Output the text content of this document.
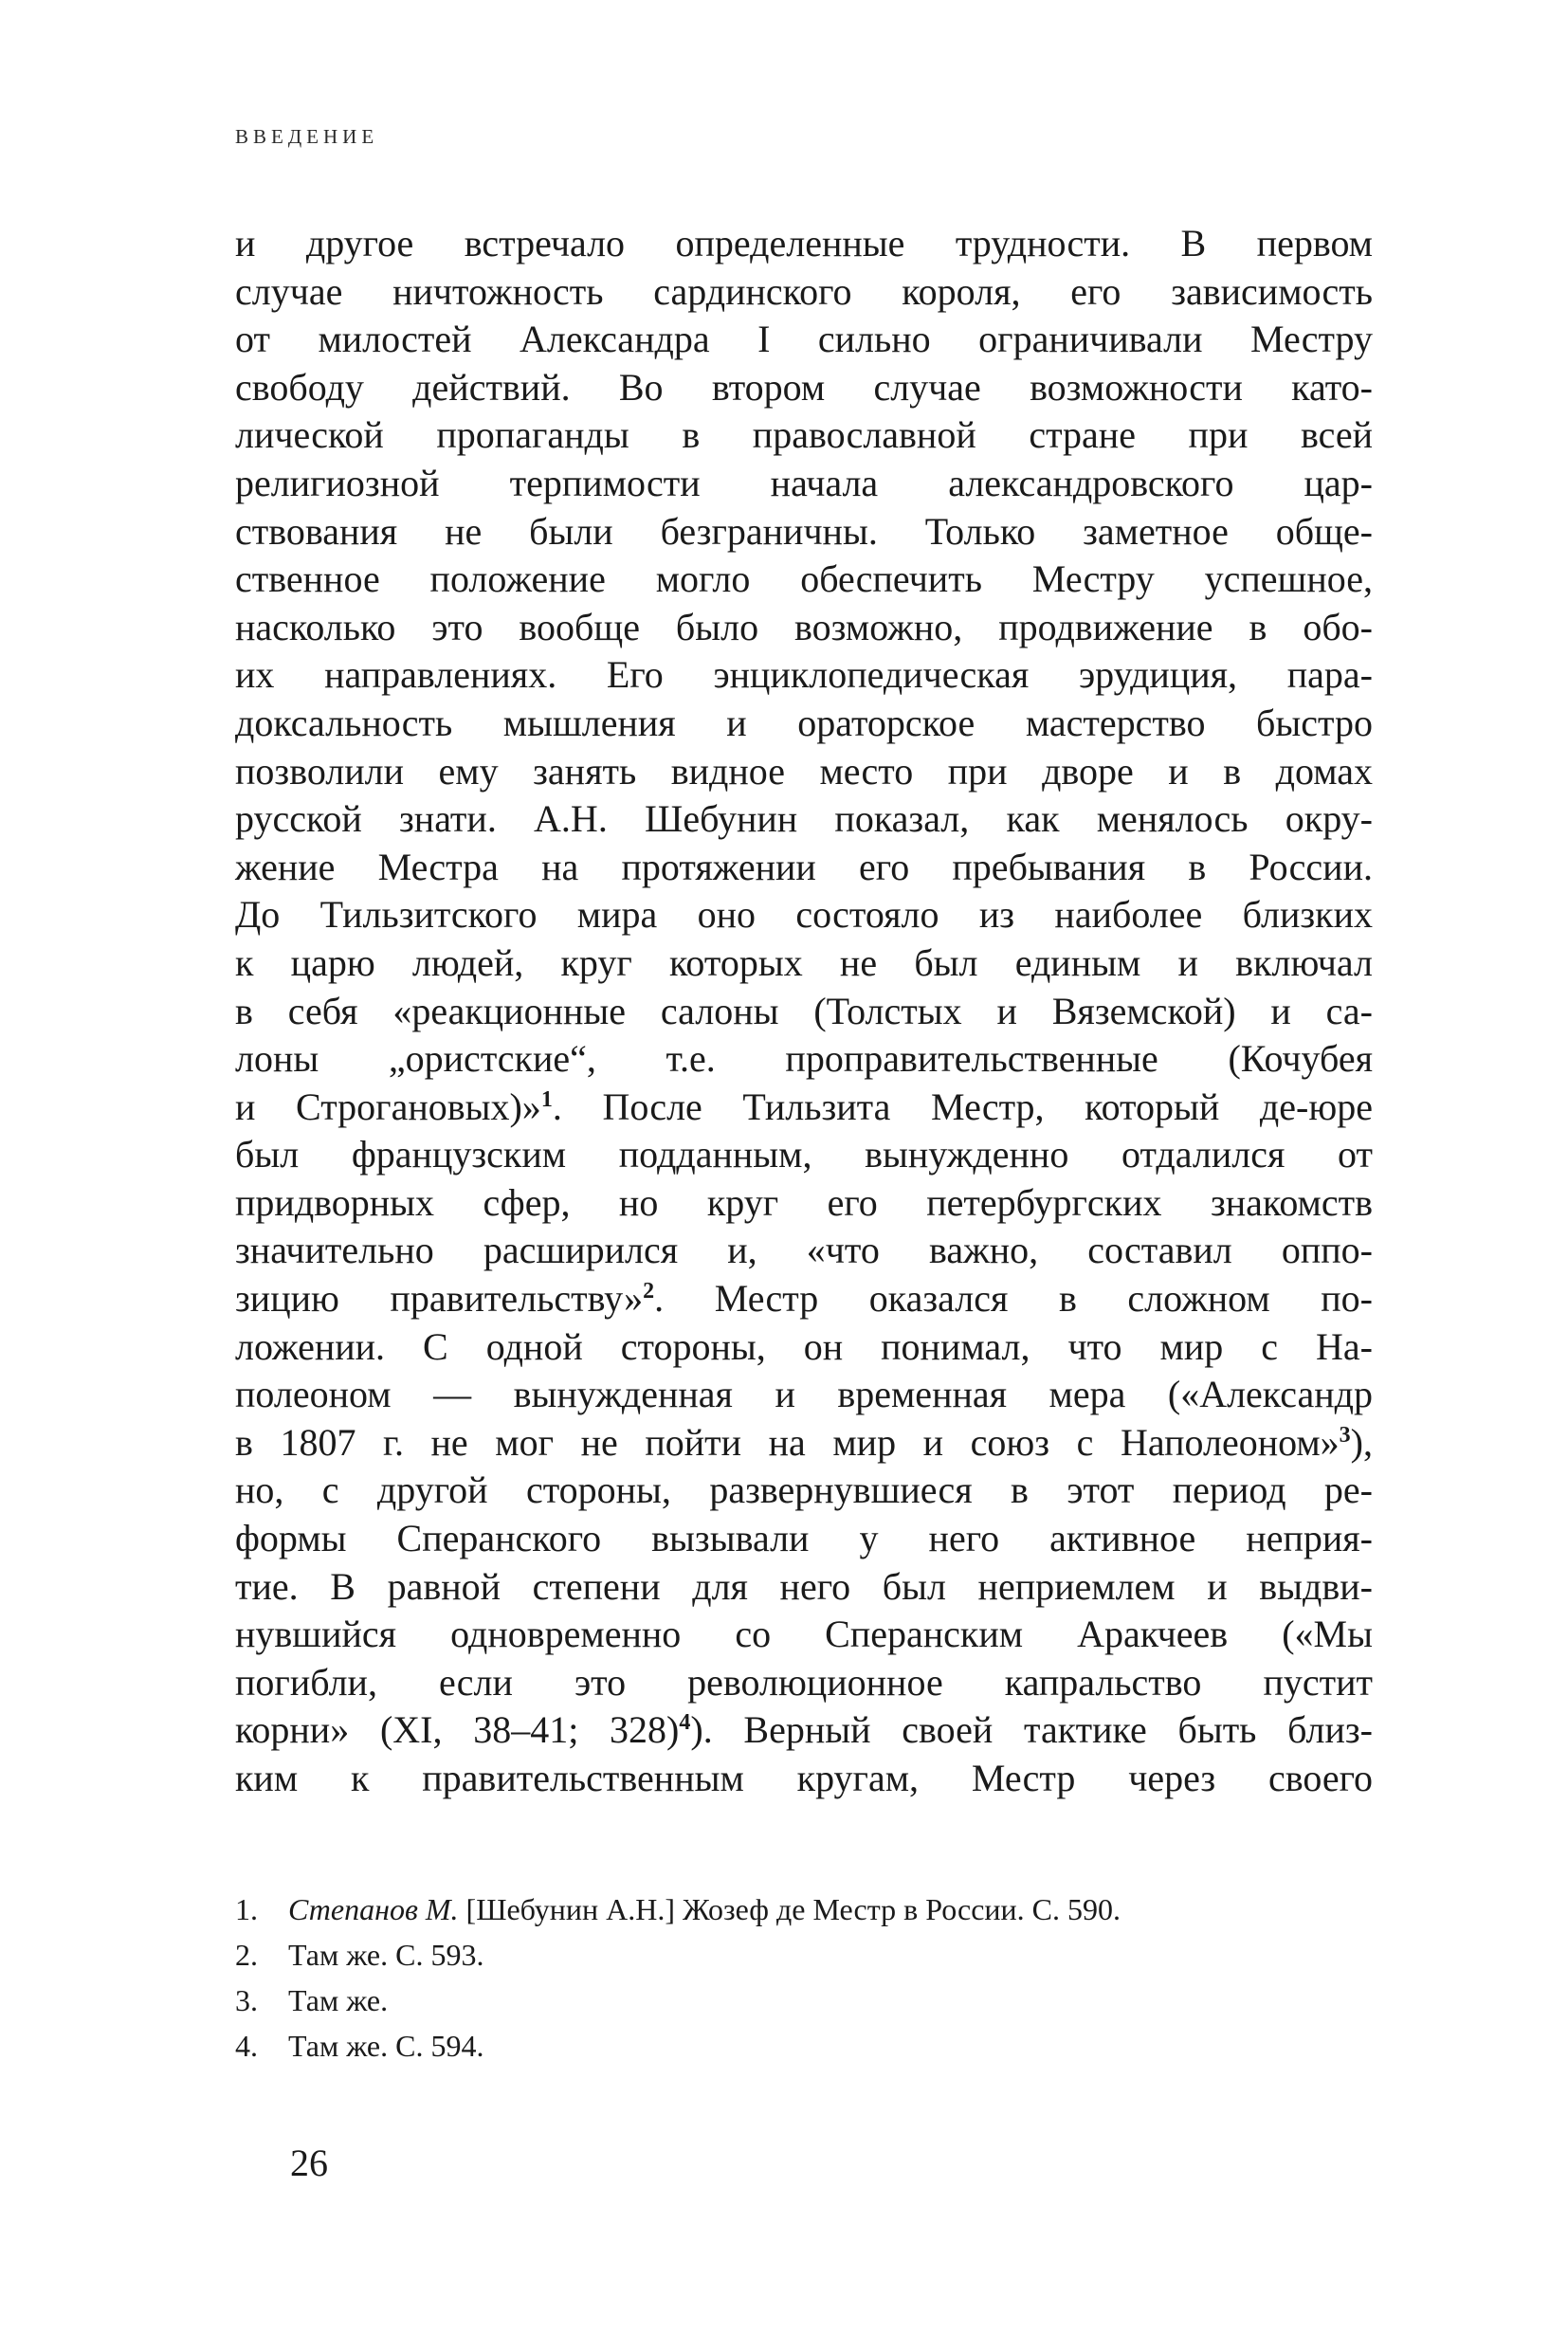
ВВЕДЕНИЕ
и другое встречало определенные трудности. В первом
случае ничтожность сардинского короля, его зависимость
от милостей Александра I сильно ограничивали Местру
свободу действий. Во втором случае возможности като-
лической пропаганды в православной стране при всей
религиозной терпимости начала александровского цар-
ствования не были безграничны. Только заметное обще-
ственное положение могло обеспечить Местру успешное,
насколько это вообще было возможно, продвижение в обо-
их направлениях. Его энциклопедическая эрудиция, пара-
доксальность мышления и ораторское мастерство быстро
позволили ему занять видное место при дворе и в домах
русской знати. А.Н. Шебунин показал, как менялось окру-
жение Местра на протяжении его пребывания в России.
До Тильзитского мира оно состояло из наиболее близких
к царю людей, круг которых не был единым и включал
в себя «реакционные салоны (Толстых и Вяземской) и са-
лоны „ористские“, т.е. проправительственные (Кочубея
и Строгановых)»$^1$. После Тильзита Местр, который де-юре
был французским подданным, вынужденно отдалился от
придворных сфер, но круг его петербургских знакомств
значительно расширился и, «что важно, составил оппо-
зицию правительству»$^2$. Местр оказался в сложном по-
ложении. С одной стороны, он понимал, что мир с На-
полеоном — вынужденная и временная мера («Александр
в 1807 г. не мог не пойти на мир и союз с Наполеоном»$^3$),
но, с другой стороны, развернувшиеся в этот период ре-
формы Сперанского вызывали у него активное неприя-
тие. В равной степени для него был неприемлем и выдви-
нувшийся одновременно со Сперанским Аракчеев («Мы
погибли, если это революционное капральство пустит
корни» (XI, 38–41; 328)$^4$). Верный своей тактике быть близ-
ким к правительственным кругам, Местр через своего
1. Степанов М. [Шебунин А.Н.] Жозеф де Местр в России. С. 590.
2. Там же. С. 593.
3. Там же.
4. Там же. С. 594.
26
